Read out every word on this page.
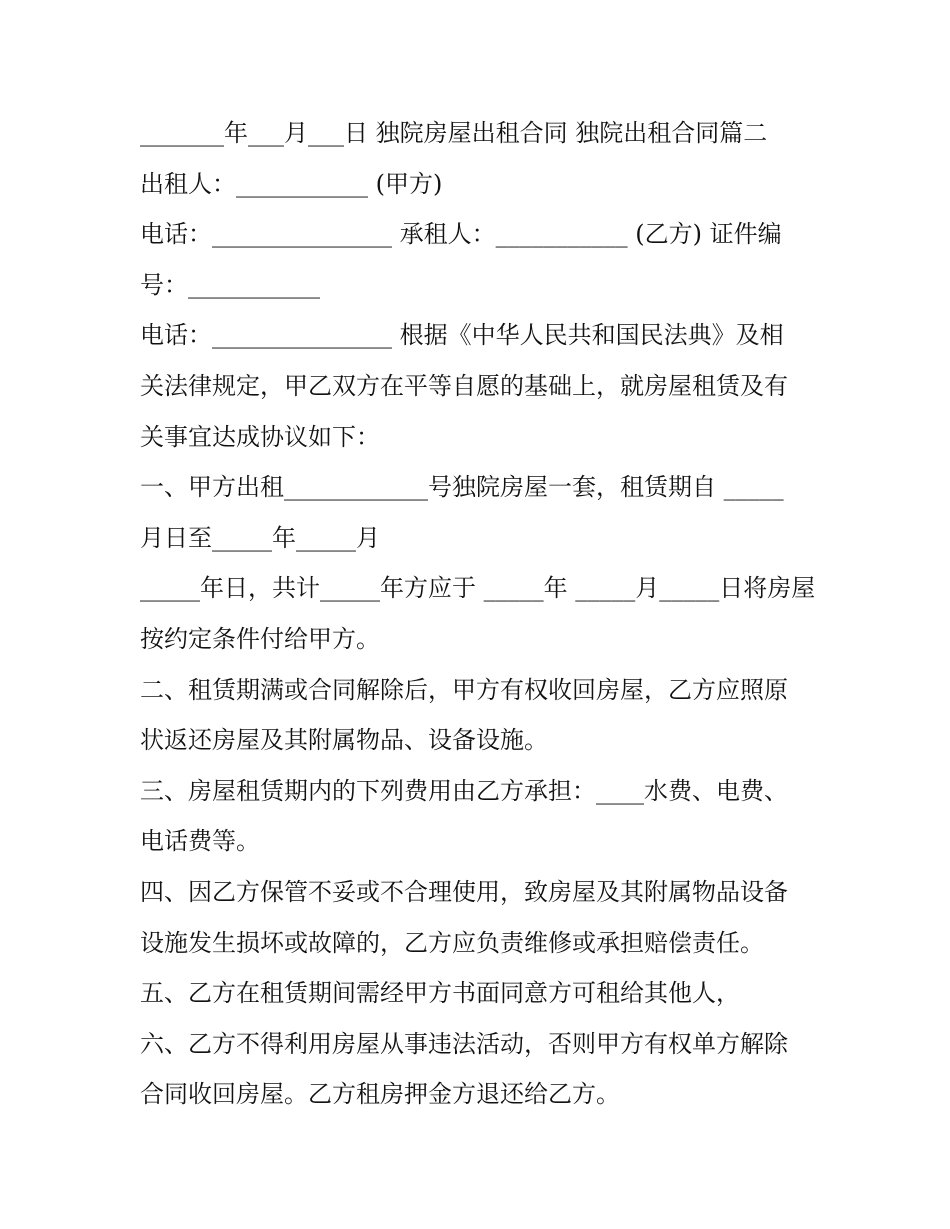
_______年___月___日 独院房屋出租合同 独院出租合同篇二
出租人：___________ (甲方)
电话：_______________ 承租人：___________ (乙方) 证件编
号：___________
电话：_______________ 根据《中华人民共和国民法典》及相
关法律规定，甲乙双方在平等自愿的基础上，就房屋租赁及有
关事宜达成协议如下：
一、甲方出租____________号独院房屋一套，租赁期自 _____
月日至_____年_____月
_____年日，共计_____年方应于 _____年 _____月_____日将房屋
按约定条件付给甲方。
二、租赁期满或合同解除后，甲方有权收回房屋，乙方应照原
状返还房屋及其附属物品、设备设施。
三、房屋租赁期内的下列费用由乙方承担：____水费、电费、
电话费等。
四、因乙方保管不妥或不合理使用，致房屋及其附属物品设备
设施发生损坏或故障的，乙方应负责维修或承担赔偿责任。
五、乙方在租赁期间需经甲方书面同意方可租给其他人，
六、乙方不得利用房屋从事违法活动，否则甲方有权单方解除
合同收回房屋。乙方租房押金方退还给乙方。
